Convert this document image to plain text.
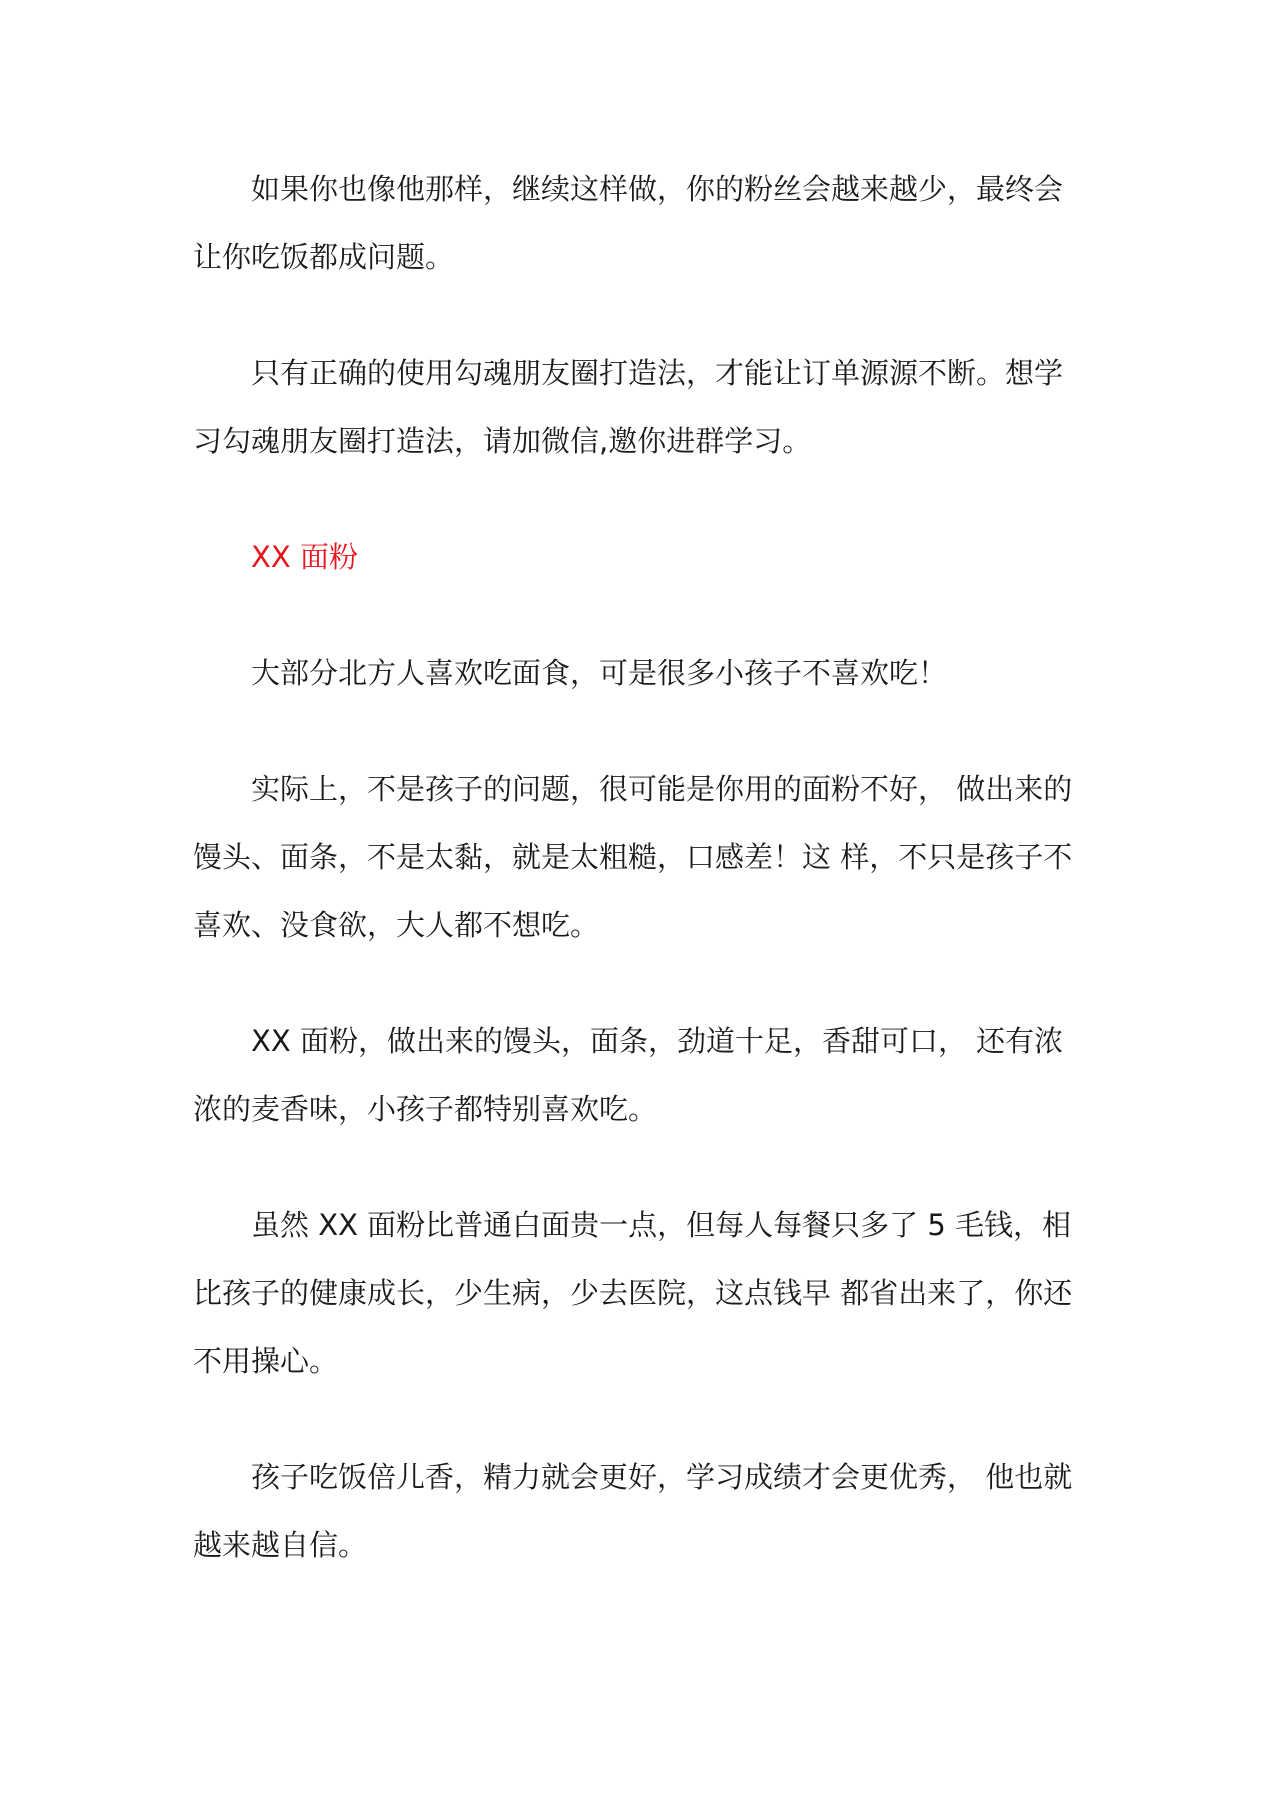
如果你也像他那样，继续这样做，你的粉丝会越来越少，最终会让你吃饭都成问题。

只有正确的使用勾魂朋友圈打造法，才能让订单源源不断。想学习勾魂朋友圈打造法，请加微信,邀你进群学习。

XX 面粉

大部分北方人喜欢吃面食，可是很多小孩子不喜欢吃！

实际上，不是孩子的问题，很可能是你用的面粉不好， 做出来的馒头、面条，不是太黏，就是太粗糙，口感差！这 样，不只是孩子不喜欢、没食欲，大人都不想吃。

XX 面粉，做出来的馒头，面条，劲道十足，香甜可口， 还有浓浓的麦香味，小孩子都特别喜欢吃。

虽然 XX 面粉比普通白面贵一点，但每人每餐只多了 5 毛钱，相比孩子的健康成长，少生病，少去医院，这点钱早 都省出来了，你还不用操心。

孩子吃饭倍儿香，精力就会更好，学习成绩才会更优秀， 他也就越来越自信。
